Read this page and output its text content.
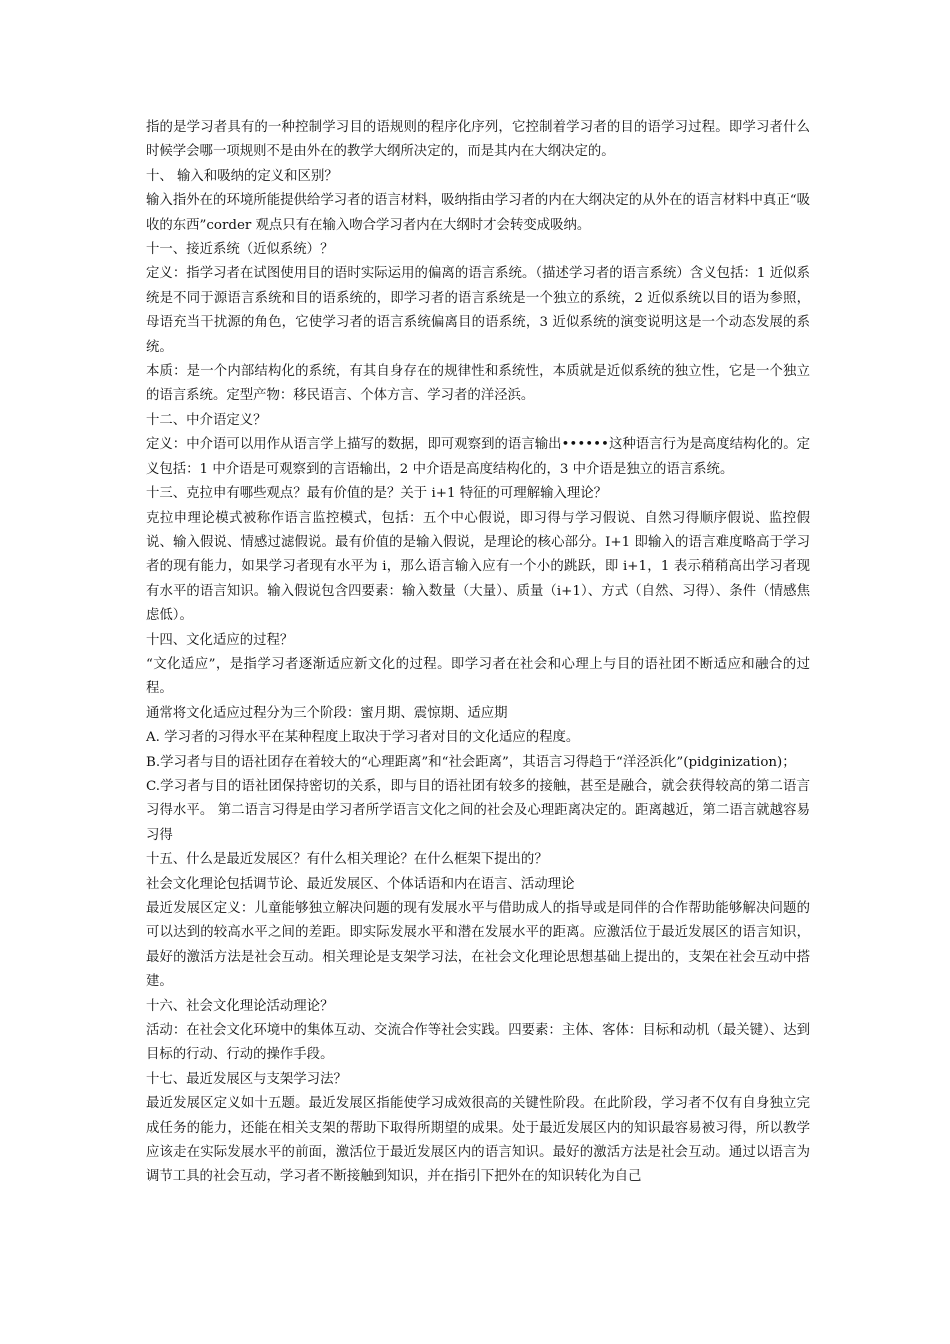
指的是学习者具有的一种控制学习目的语规则的程序化序列，它控制着学习者的目的语学习过程。即学习者什么时候学会哪一项规则不是由外在的教学大纲所决定的，而是其内在大纲决定的。

十、 输入和吸纳的定义和区别？

输入指外在的环境所能提供给学习者的语言材料，吸纳指由学习者的内在大纲决定的从外在的语言材料中真正“吸收的东西”corder 观点只有在输入吻合学习者内在大纲时才会转变成吸纳。

十一、接近系统（近似系统）？

定义：指学习者在试图使用目的语时实际运用的偏离的语言系统。（描述学习者的语言系统）含义包括：1 近似系统是不同于源语言系统和目的语系统的，即学习者的语言系统是一个独立的系统，2 近似系统以目的语为参照，母语充当干扰源的角色，它使学习者的语言系统偏离目的语系统，3 近似系统的演变说明这是一个动态发展的系统。

本质：是一个内部结构化的系统，有其自身存在的规律性和系统性，本质就是近似系统的独立性，它是一个独立的语言系统。定型产物：移民语言、个体方言、学习者的洋泾浜。

十二、中介语定义？

定义：中介语可以用作从语言学上描写的数据，即可观察到的语言输出••••••这种语言行为是高度结构化的。定义包括：1 中介语是可观察到的言语输出，2 中介语是高度结构化的，3 中介语是独立的语言系统。

十三、克拉申有哪些观点？最有价值的是？关于 i+1 特征的可理解输入理论？

克拉申理论模式被称作语言监控模式，包括：五个中心假说，即习得与学习假说、自然习得顺序假说、监控假说、输入假说、情感过滤假说。最有价值的是输入假说，是理论的核心部分。I+1 即输入的语言难度略高于学习者的现有能力，如果学习者现有水平为 i，那么语言输入应有一个小的跳跃，即 i+1，1 表示稍稍高出学习者现有水平的语言知识。输入假说包含四要素：输入数量（大量）、质量（i+1）、方式（自然、习得）、条件（情感焦虑低）。

十四、文化适应的过程？

“文化适应”，是指学习者逐渐适应新文化的过程。即学习者在社会和心理上与目的语社团不断适应和融合的过程。

通常将文化适应过程分为三个阶段：蜜月期、震惊期、适应期

A. 学习者的习得水平在某种程度上取决于学习者对目的文化适应的程度。

B.学习者与目的语社团存在着较大的“心理距离”和“社会距离”，其语言习得趋于“洋泾浜化”(pidginization)；

C.学习者与目的语社团保持密切的关系，即与目的语社团有较多的接触，甚至是融合，就会获得较高的第二语言习得水平。 第二语言习得是由学习者所学语言文化之间的社会及心理距离决定的。距离越近，第二语言就越容易习得

十五、什么是最近发展区？有什么相关理论？在什么框架下提出的？

社会文化理论包括调节论、最近发展区、个体话语和内在语言、活动理论

最近发展区定义：儿童能够独立解决问题的现有发展水平与借助成人的指导或是同伴的合作帮助能够解决问题的可以达到的较高水平之间的差距。即实际发展水平和潜在发展水平的距离。应激活位于最近发展区的语言知识，最好的激活方法是社会互动。相关理论是支架学习法，在社会文化理论思想基础上提出的，支架在社会互动中搭建。

十六、社会文化理论活动理论？

活动：在社会文化环境中的集体互动、交流合作等社会实践。四要素：主体、客体：目标和动机（最关键）、达到目标的行动、行动的操作手段。

十七、最近发展区与支架学习法？

最近发展区定义如十五题。最近发展区指能使学习成效很高的关键性阶段。在此阶段，学习者不仅有自身独立完成任务的能力，还能在相关支架的帮助下取得所期望的成果。处于最近发展区内的知识最容易被习得，所以教学应该走在实际发展水平的前面，激活位于最近发展区内的语言知识。最好的激活方法是社会互动。通过以语言为调节工具的社会互动，学习者不断接触到知识，并在指引下把外在的知识转化为自己
